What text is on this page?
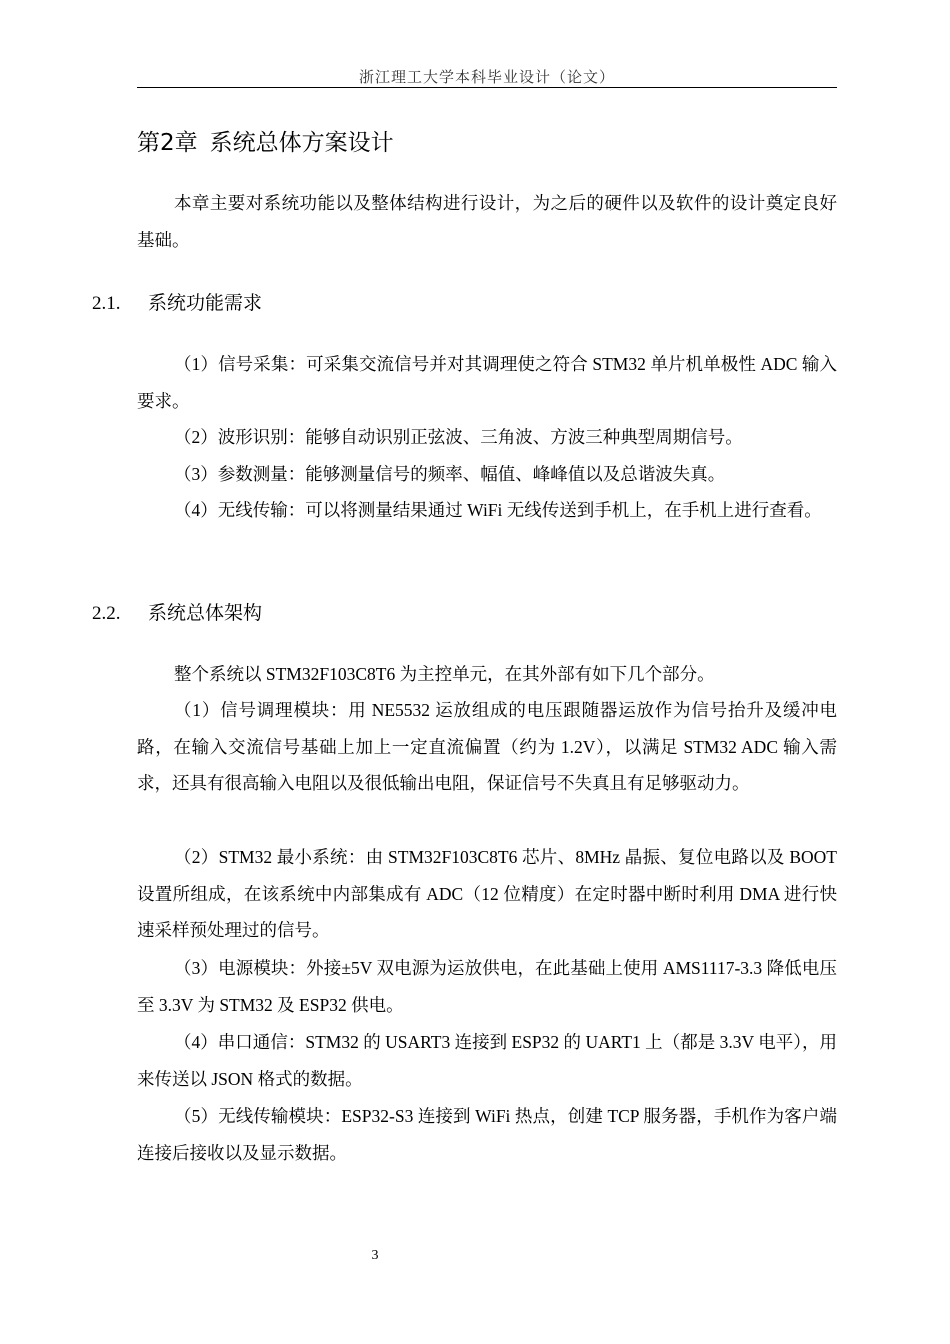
浙江理工大学本科毕业设计（论文）
第2章 系统总体方案设计

本章主要对系统功能以及整体结构进行设计，为之后的硬件以及软件的设计奠定良好基础。

2.1. 系统功能需求

（1）信号采集：可采集交流信号并对其调理使之符合 STM32 单片机单极性 ADC 输入要求。

（2）波形识别：能够自动识别正弦波、三角波、方波三种典型周期信号。

（3）参数测量：能够测量信号的频率、幅值、峰峰值以及总谐波失真。

（4）无线传输：可以将测量结果通过 WiFi 无线传送到手机上，在手机上进行查看。

2.2. 系统总体架构

整个系统以 STM32F103C8T6 为主控单元，在其外部有如下几个部分。

（1）信号调理模块：用 NE5532 运放组成的电压跟随器运放作为信号抬升及缓冲电路，在输入交流信号基础上加上一定直流偏置（约为 1.2V），以满足 STM32 ADC 输入需求，还具有很高输入电阻以及很低输出电阻，保证信号不失真且有足够驱动力。

（2）STM32 最小系统：由 STM32F103C8T6 芯片、8MHz 晶振、复位电路以及 BOOT 设置所组成，在该系统中内部集成有 ADC（12 位精度）在定时器中断时利用 DMA 进行快速采样预处理过的信号。

（3）电源模块：外接±5V 双电源为运放供电，在此基础上使用 AMS1117-3.3 降低电压至 3.3V 为 STM32 及 ESP32 供电。

（4）串口通信：STM32 的 USART3 连接到 ESP32 的 UART1 上（都是 3.3V 电平），用来传送以 JSON 格式的数据。

（5）无线传输模块：ESP32-S3 连接到 WiFi 热点，创建 TCP 服务器，手机作为客户端连接后接收以及显示数据。

3
